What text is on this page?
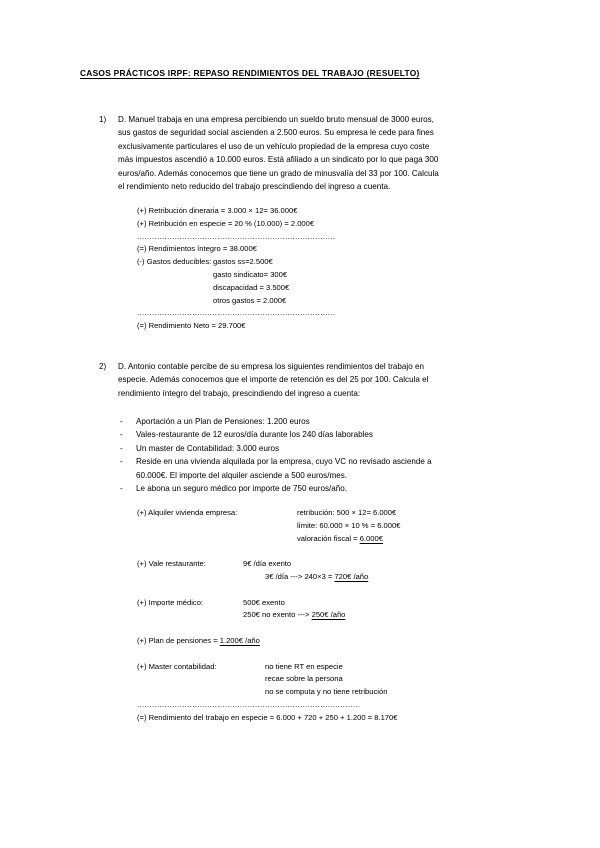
CASOS PRÁCTICOS IRPF: REPASO RENDIMIENTOS DEL TRABAJO (RESUELTO)
1) D. Manuel trabaja en una empresa percibiendo un sueldo bruto mensual de 3000 euros,
sus gastos de seguridad social ascienden a 2.500 euros. Su empresa le cede para fines
exclusivamente particulares el uso de un vehículo propiedad de la empresa cuyo coste
más impuestos ascendió a 10.000 euros. Está afiliado a un sindicato por lo que paga 300
euros/año. Además conocemos que tiene un grado de minusvalía del 33 por 100. Calcula
el rendimiento neto reducido del trabajo prescindiendo del ingreso a cuenta.
(+) Retribución dineraria = 3.000 × 12= 36.000€
(+) Retribución en especie = 20 % (10.000) = 2.000€
...............................................................................
(=) Rendimientos íntegro = 38.000€
(-) Gastos deducibles: gastos ss=2.500€
gasto sindicato= 300€
discapacidad = 3.500€
otros gastos = 2.000€
...............................................................................
(=) Rendimiento Neto = 29.700€
2) D. Antonio contable percibe de su empresa los siguientes rendimientos del trabajo en
especie. Además conocemos que el importe de retención es del 25 por 100. Calcula el
rendimiento íntegro del trabajo, prescindiendo del ingreso a cuenta:
- Aportación a un Plan de Pensiones: 1.200 euros
- Vales-restaurante de 12 euros/día durante los 240 días laborables
- Un master de Contabilidad: 3.000 euros
- Reside en una vivienda alquilada por la empresa, cuyo VC no revisado asciende a
60.000€. El importe del alquiler asciende a 500 euros/mes.
- Le abona un seguro médico por importe de 750 euros/año.
(+) Alquiler vivienda empresa:	retribución: 500 × 12= 6.000€
límite: 60.000 × 10 % = 6.000€
valoración fiscal = 6.000€
(+) Vale restaurante:	9€ /día exento
3€ /día ---> 240×3 = 720€ /año
(+) Importe médico:	500€ exento
250€ no exento ---> 250€ /año
(+) Plan de pensiones = 1.200€ /año
(+) Master contabilidad:	no tiene RT en especie
recae sobre la persona
no se computa y no tiene retribución
.........................................................................................
(=) Rendimiento del trabajo en especie = 6.000 + 720 + 250 + 1.200 = 8.170€
